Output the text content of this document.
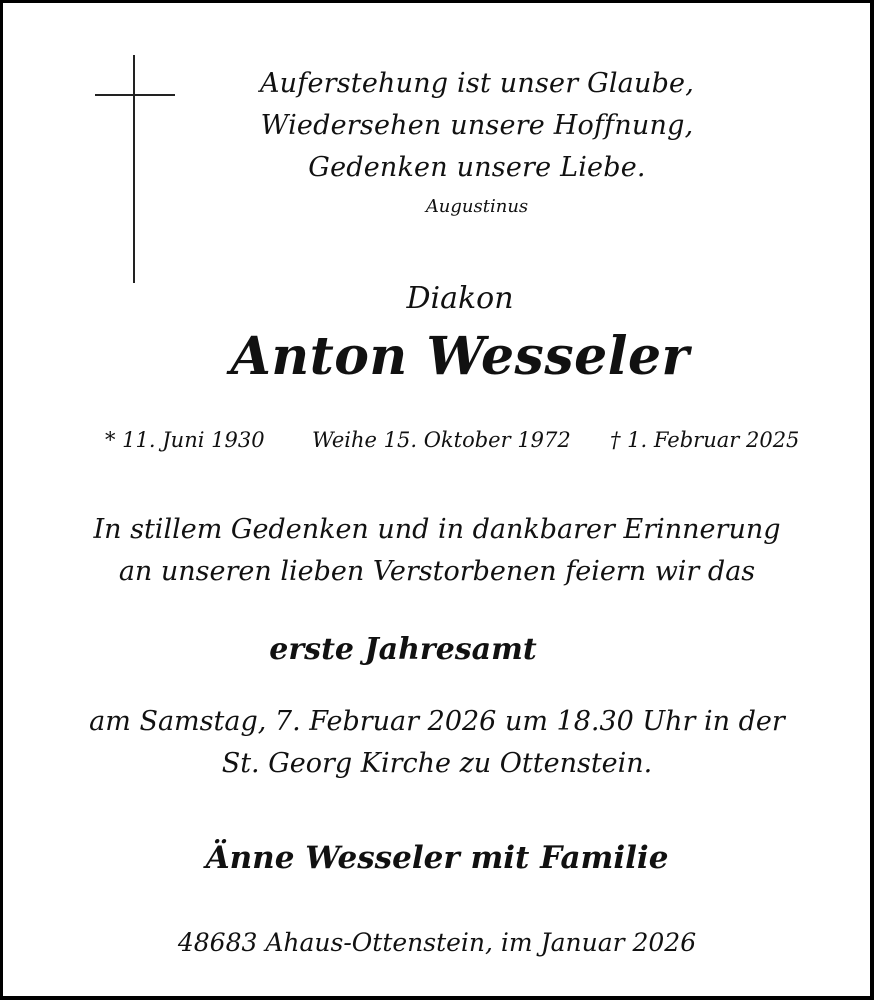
Auferstehung ist unser Glaube,
Wiedersehen unsere Hoffnung,
Gedenken unsere Liebe.
Augustinus
Diakon
Anton Wesseler
* 11. Juni 1930 Weihe 15. Oktober 1972 † 1. Februar 2025
In stillem Gedenken und in dankbarer Erinnerung
an unseren lieben Verstorbenen feiern wir das
erste Jahresamt
am Samstag, 7. Februar 2026 um 18.30 Uhr in der
St. Georg Kirche zu Ottenstein.
Änne Wesseler mit Familie
48683 Ahaus-Ottenstein, im Januar 2026
